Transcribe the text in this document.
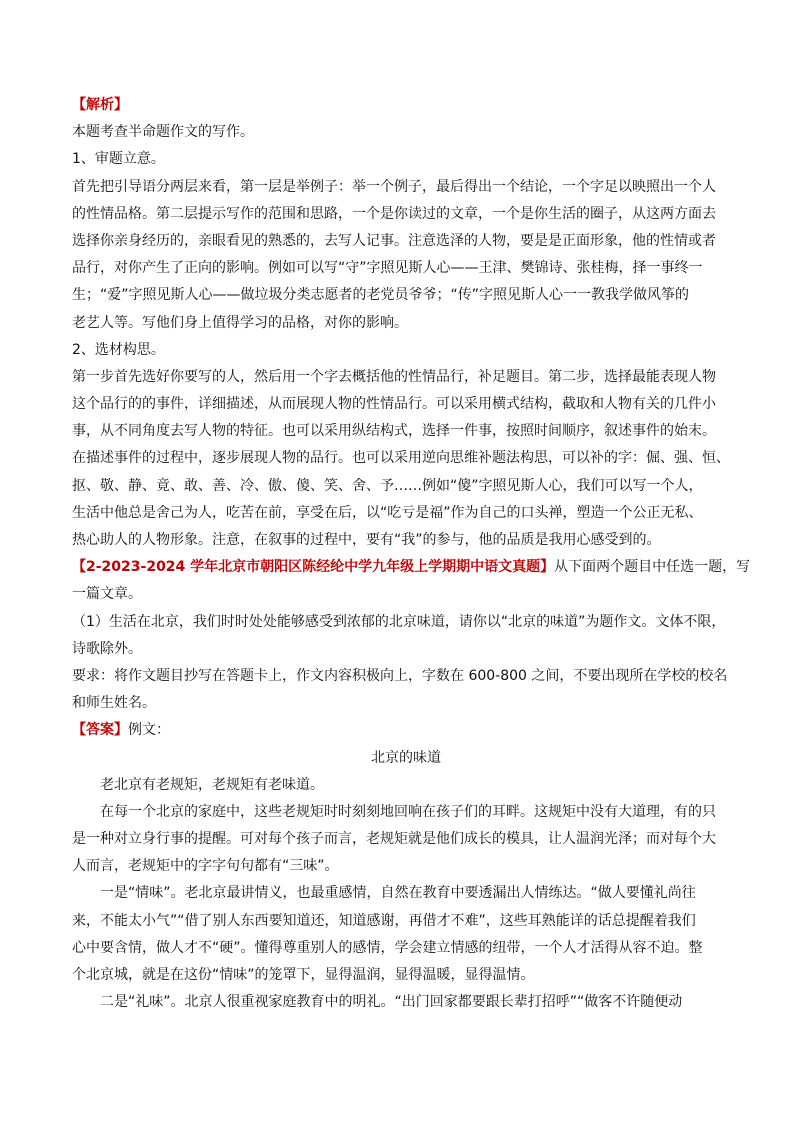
【解析】
本题考查半命题作文的写作。
1、审题立意。
首先把引导语分两层来看，第一层是举例子：举一个例子，最后得出一个结论，一个字足以映照出一个人
的性情品格。第二层提示写作的范围和思路，一个是你读过的文章，一个是你生活的圈子，从这两方面去
选择你亲身经历的，亲眼看见的熟悉的，去写人记事。注意选泽的人物，要是是正面形象，他的性情或者
品行，对你产生了正向的影响。例如可以写“守”字照见斯人心——王津、樊锦诗、张桂梅，择一事终一
生；“爱”字照见斯人心——做垃圾分类志愿者的老党员爷爷；“传”字照见斯人心一一教我学做风筝的
老艺人等。写他们身上值得学习的品格，对你的影响。
2、选材构思。
第一步首先选好你要写的人，然后用一个字去概括他的性情品行，补足题目。第二步，选择最能表现人物
这个品行的的事件，详细描述，从而展现人物的性情品行。可以采用横式结构，截取和人物有关的几件小
事，从不同角度去写人物的特征。也可以采用纵结构式，选择一件事，按照时间顺序，叙述事件的始末。
在描述事件的过程中，逐步展现人物的品行。也可以采用逆向思维补题法构思，可以补的字：倔、强、恒、
抠、敬、静、竟、敢、善、冷、傲、傻、笑、舍、予……例如“傻”字照见斯人心，我们可以写一个人，
生活中他总是舍己为人，吃苦在前，享受在后，以“吃亏是福”作为自己的口头禅，塑造一个公正无私、
热心助人的人物形象。注意，在叙事的过程中，要有“我”的参与，他的品质是我用心感受到的。
【2-2023-2024 学年北京市朝阳区陈经纶中学九年级上学期期中语文真题】从下面两个题目中任选一题，写
一篇文章。
（1）生活在北京，我们时时处处能够感受到浓郁的北京味道，请你以“北京的味道”为题作文。文体不限，
诗歌除外。
要求：将作文题目抄写在答题卡上，作文内容积极向上，字数在 600-800 之间，不要出现所在学校的校名
和师生姓名。
【答案】例文：
北京的味道
老北京有老规矩，老规矩有老味道。
在每一个北京的家庭中，这些老规矩时时刻刻地回响在孩子们的耳畔。这规矩中没有大道理，有的只
是一种对立身行事的提醒。可对每个孩子而言，老规矩就是他们成长的模具，让人温润光泽；而对每个大
人而言，老规矩中的字字句句都有“三味”。
一是“情味”。老北京最讲情义，也最重感情，自然在教育中要透漏出人情练达。“做人要懂礼尚往
来，不能太小气”“借了别人东西要知道还，知道感谢，再借才不难”，这些耳熟能详的话总提醒着我们
心中要含情，做人才不“硬”。懂得尊重别人的感情，学会建立情感的纽带，一个人才活得从容不迫。整
个北京城，就是在这份“情味”的笼罩下，显得温润，显得温暖，显得温情。
二是“礼味”。北京人很重视家庭教育中的明礼。“出门回家都要跟长辈打招呼”“做客不许随便动
